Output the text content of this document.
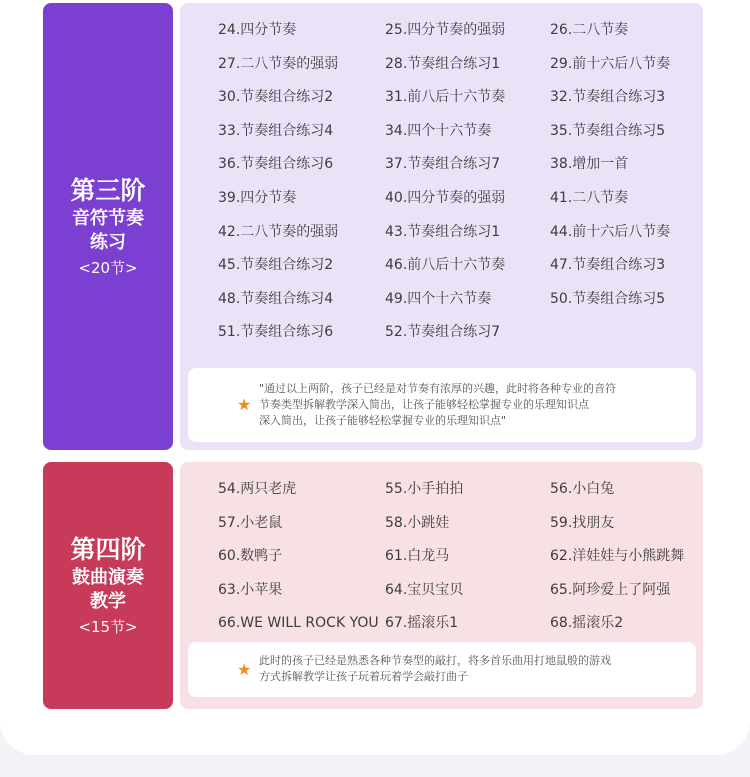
第三阶
音符节奏
练习
<20节>
24.四分节奏	25.四分节奏的强弱	26.二八节奏
27.二八节奏的强弱	28.节奏组合练习1	29.前十六后八节奏
30.节奏组合练习2	31.前八后十六节奏	32.节奏组合练习3
33.节奏组合练习4	34.四个十六节奏	35.节奏组合练习5
36.节奏组合练习6	37.节奏组合练习7	38.增加一首
39.四分节奏	40.四分节奏的强弱	41.二八节奏
42.二八节奏的强弱	43.节奏组合练习1	44.前十六后八节奏
45.节奏组合练习2	46.前八后十六节奏	47.节奏组合练习3
48.节奏组合练习4	49.四个十六节奏	50.节奏组合练习5
51.节奏组合练习6	52.节奏组合练习7
★
"通过以上两阶，孩子已经是对节奏有浓厚的兴趣，此时将各种专业的音符
节奏类型拆解教学深入简出，让孩子能够轻松掌握专业的乐理知识点
深入简出，让孩子能够轻松掌握专业的乐理知识点"
第四阶
鼓曲演奏
教学
<15节>
54.两只老虎	55.小手拍拍	56.小白兔
57.小老鼠	58.小跳娃	59.找朋友
60.数鸭子	61.白龙马	62.洋娃娃与小熊跳舞
63.小苹果	64.宝贝宝贝	65.阿珍爱上了阿强
66.WE WILL ROCK YOU 67.摇滚乐1	68.摇滚乐2
★ 此时的孩子已经是熟悉各种节奏型的敲打，将多首乐曲用打地鼠般的游戏
方式拆解教学让孩子玩着玩着学会敲打曲子
